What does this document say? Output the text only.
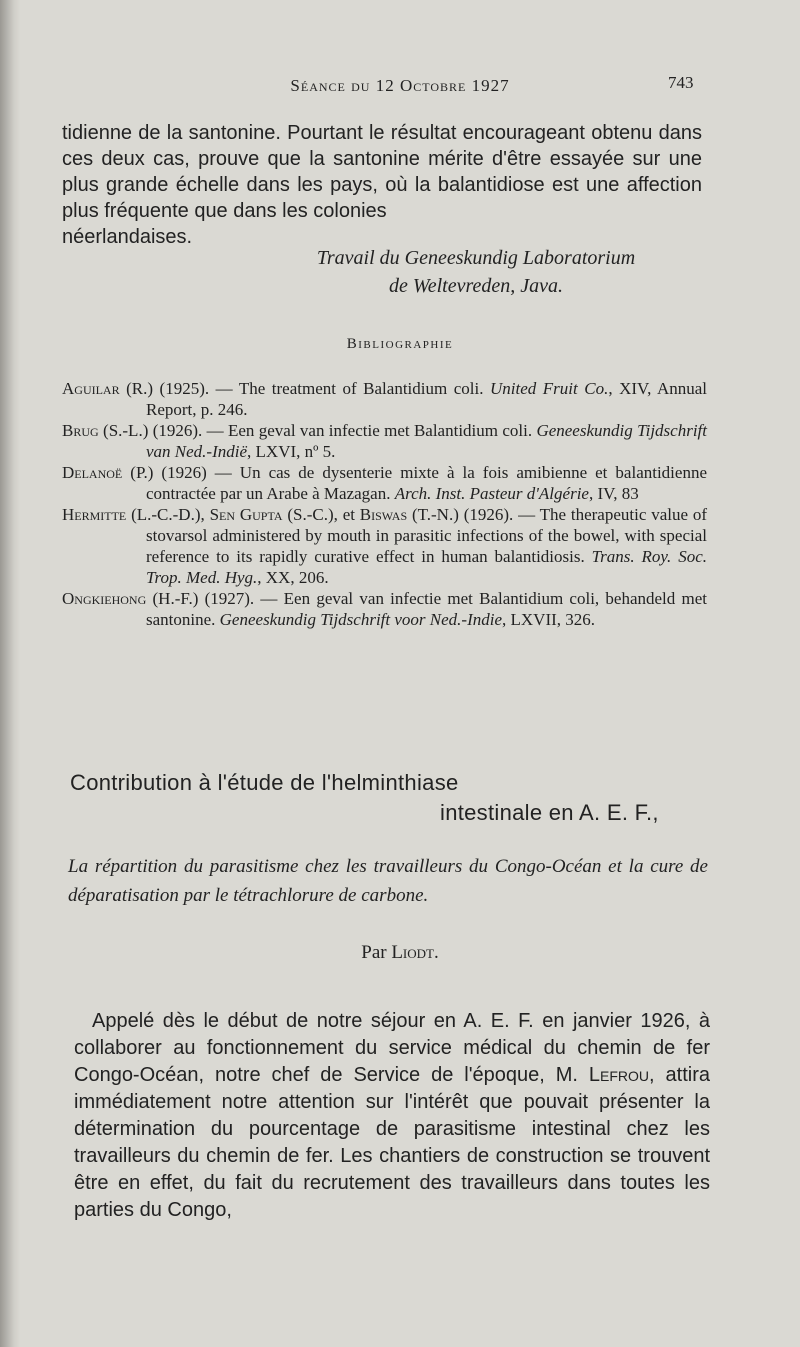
Séance du 12 Octobre 1927	743
tidienne de la santonine. Pourtant le résultat encourageant obtenu dans ces deux cas, prouve que la santonine mérite d'être essayée sur une plus grande échelle dans les pays, où la balantidiose est une affection plus fréquente que dans les colonies
néerlandaises.
Travail du Geneeskundig Laboratorium
de Weltevreden, Java.
Bibliographie
Aguilar (R.) (1925). — The treatment of Balantidium coli. United Fruit Co., XIV, Annual Report, p. 246.
Brug (S.-L.) (1926). — Een geval van infectie met Balantidium coli. Geneeskundig Tijdschrift van Ned.-Indië, LXVI, nº 5.
Delanoë (P.) (1926) — Un cas de dysenterie mixte à la fois amibienne et balantidienne contractée par un Arabe à Mazagan. Arch. Inst. Pasteur d'Algérie, IV, 83
Hermitte (L.-C.-D.), Sen Gupta (S.-C.), et Biswas (T.-N.) (1926). — The therapeutic value of stovarsol administered by mouth in parasitic infections of the bowel, with special reference to its rapidly curative effect in human balantidiosis. Trans. Roy. Soc. Trop. Med. Hyg., XX, 206.
Ongkiehong (H.-F.) (1927). — Een geval van infectie met Balantidium coli, behandeld met santonine. Geneeskundig Tijdschrift voor Ned.-Indie, LXVII, 326.
Contribution à l'étude de l'helminthiase
intestinale en A. E. F.,
La répartition du parasitisme chez les travailleurs du Congo-Océan et la cure de déparatisation par le tétrachlorure de carbone.
Par Liodt.
Appelé dès le début de notre séjour en A. E. F. en janvier 1926, à collaborer au fonctionnement du service médical du chemin de fer Congo-Océan, notre chef de Service de l'époque, M. Lefrou, attira immédiatement notre attention sur l'intérêt que pouvait présenter la détermination du pourcentage de parasitisme intestinal chez les travailleurs du chemin de fer. Les chantiers de construction se trouvent être en effet, du fait du recrutement des travailleurs dans toutes les parties du Congo,
